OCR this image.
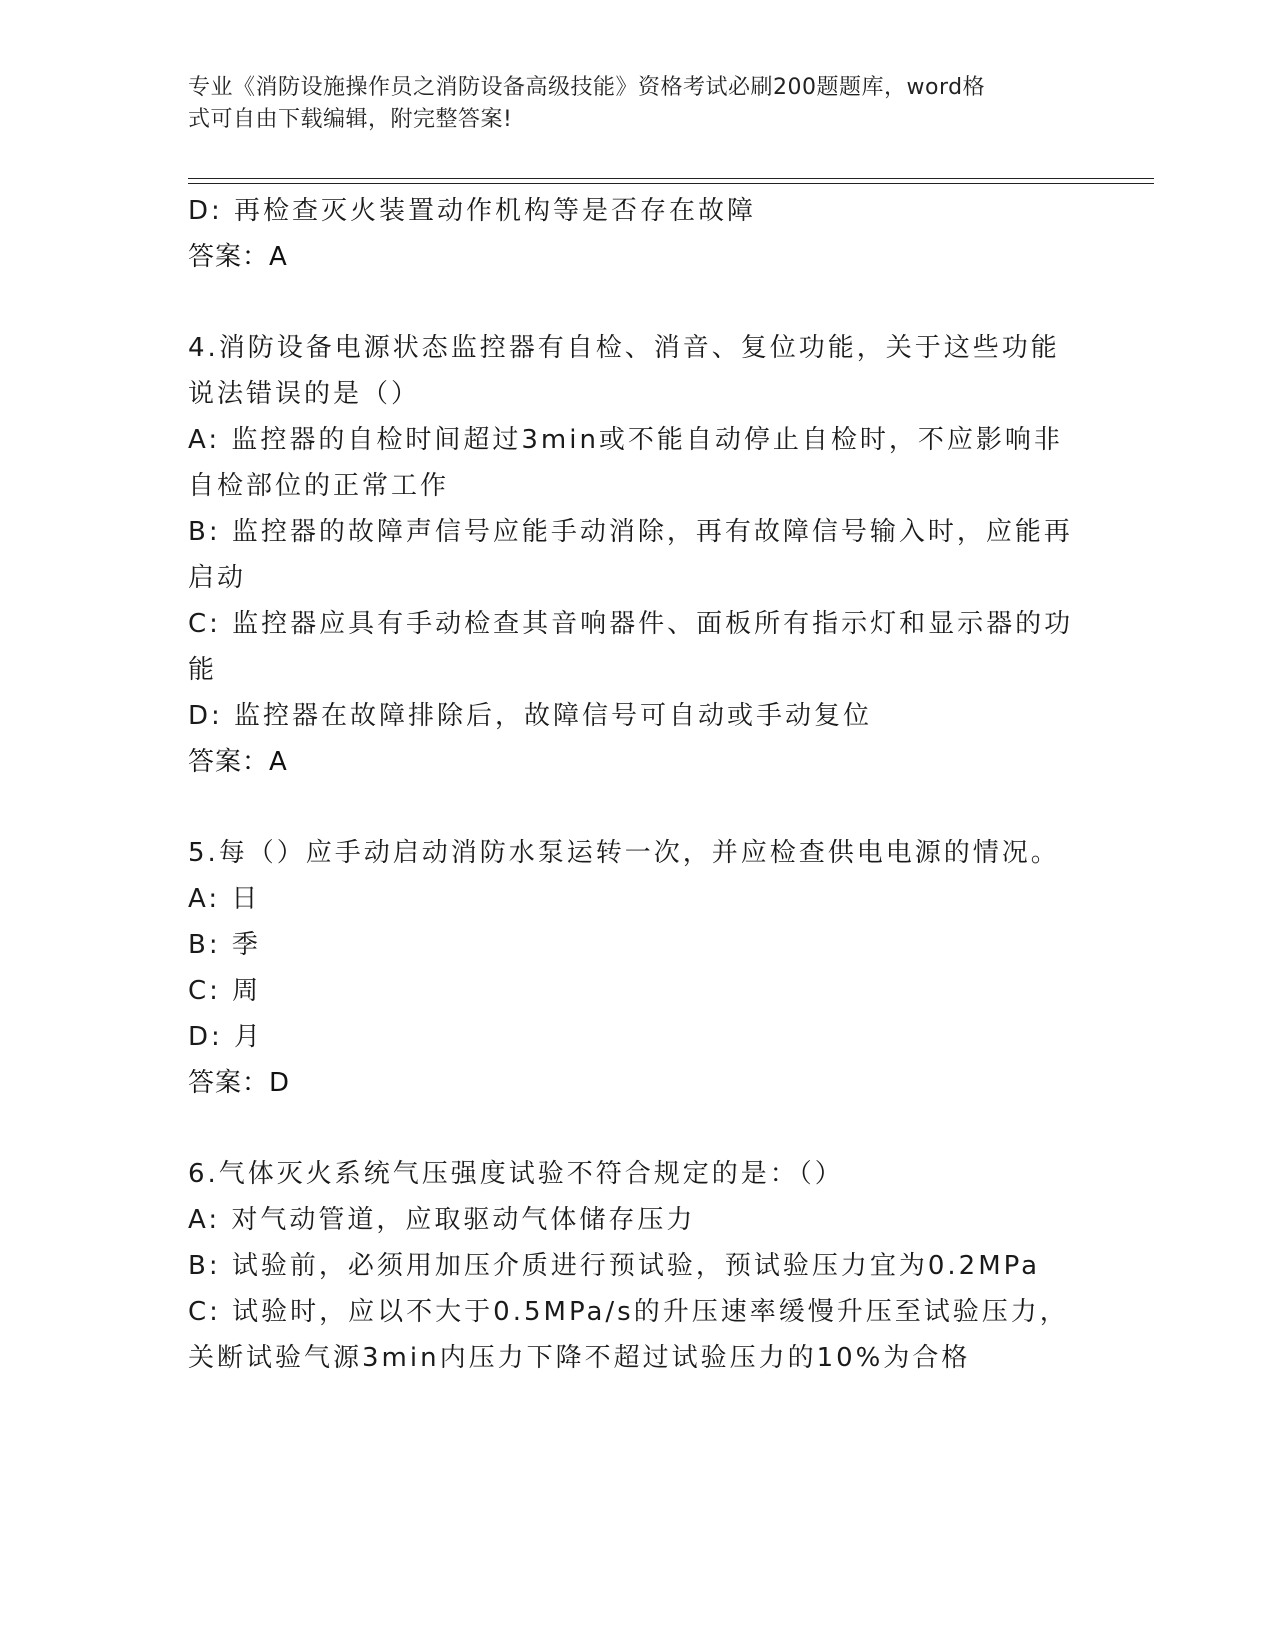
专业《消防设施操作员之消防设备高级技能》资格考试必刷200题题库，word格
式可自由下载编辑，附完整答案!
D: 再检查灭火装置动作机构等是否存在故障
答案：A
4.消防设备电源状态监控器有自检、消音、复位功能，关于这些功能
说法错误的是（）
A: 监控器的自检时间超过3min或不能自动停止自检时，不应影响非
自检部位的正常工作
B: 监控器的故障声信号应能手动消除，再有故障信号输入时，应能再
启动
C: 监控器应具有手动检查其音响器件、面板所有指示灯和显示器的功
能
D: 监控器在故障排除后，故障信号可自动或手动复位
答案：A
5.每（）应手动启动消防水泵运转一次，并应检查供电电源的情况。
A: 日
B: 季
C: 周
D: 月
答案：D
6.气体灭火系统气压强度试验不符合规定的是：（）
A: 对气动管道，应取驱动气体储存压力
B: 试验前，必须用加压介质进行预试验，预试验压力宜为0.2MPa
C: 试验时，应以不大于0.5MPa/s的升压速率缓慢升压至试验压力，
关断试验气源3min内压力下降不超过试验压力的10%为合格
